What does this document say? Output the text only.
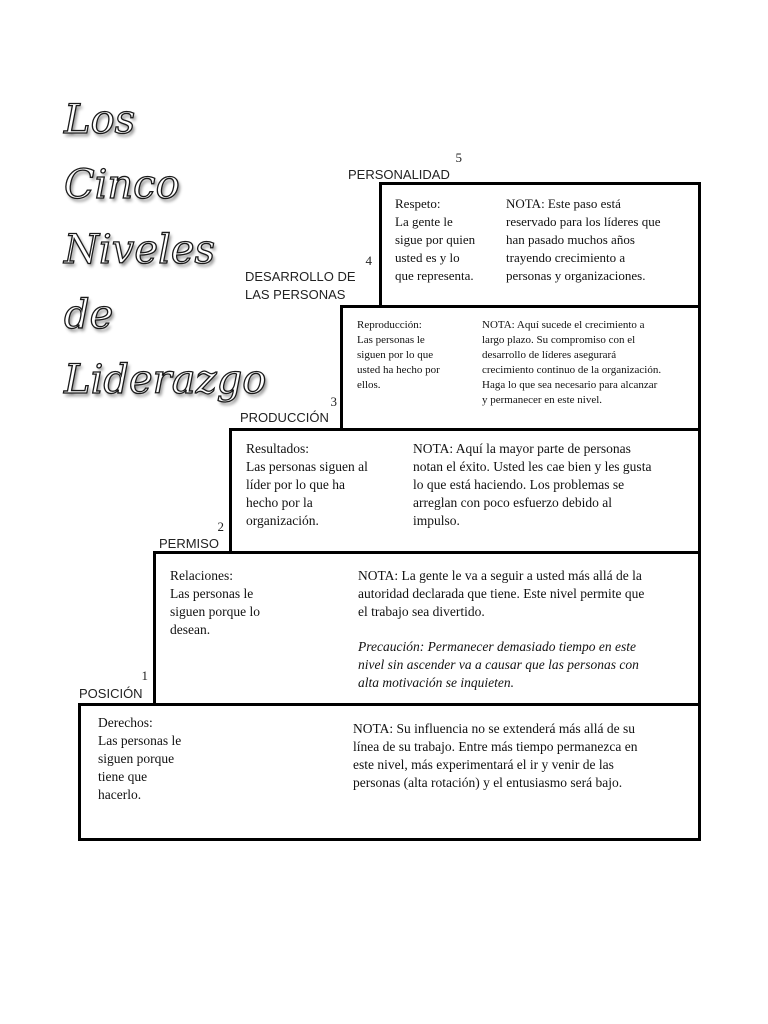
Los Cinco
Niveles de
Liderazgo
5
PERSONALIDAD
Respeto:
La gente le
sigue por quien
usted es y lo
que representa.
NOTA: Este paso está
reservado para los líderes que
han pasado muchos años
trayendo crecimiento a
personas y organizaciones.
4
DESARROLLO DE
LAS PERSONAS
Reproducción:
Las personas le
siguen por lo que
usted ha hecho por
ellos.
NOTA: Aquí sucede el crecimiento a
largo plazo. Su compromiso con el
desarrollo de líderes asegurará
crecimiento continuo de la organización.
Haga lo que sea necesario para alcanzar
y permanecer en este nivel.
3
PRODUCCIÓN
Resultados:
Las personas siguen al
líder por lo que ha
hecho por la
organización.
NOTA: Aquí la mayor parte de personas
notan el éxito. Usted les cae bien y les gusta
lo que está haciendo. Los problemas se
arreglan con poco esfuerzo debido al
impulso.
2
PERMISO
Relaciones:
Las personas le
siguen porque lo
desean.
NOTA: La gente le va a seguir a usted más allá de la
autoridad declarada que tiene. Este nivel permite que
el trabajo sea divertido.
Precaución: Permanecer demasiado tiempo en este
nivel sin ascender va a causar que las personas con
alta motivación se inquieten.
1
POSICIÓN
Derechos:
Las personas le
siguen porque
tiene que
hacerlo.
NOTA: Su influencia no se extenderá más allá de su
línea de su trabajo. Entre más tiempo permanezca en
este nivel, más experimentará el ir y venir de las
personas (alta rotación) y el entusiasmo será bajo.
